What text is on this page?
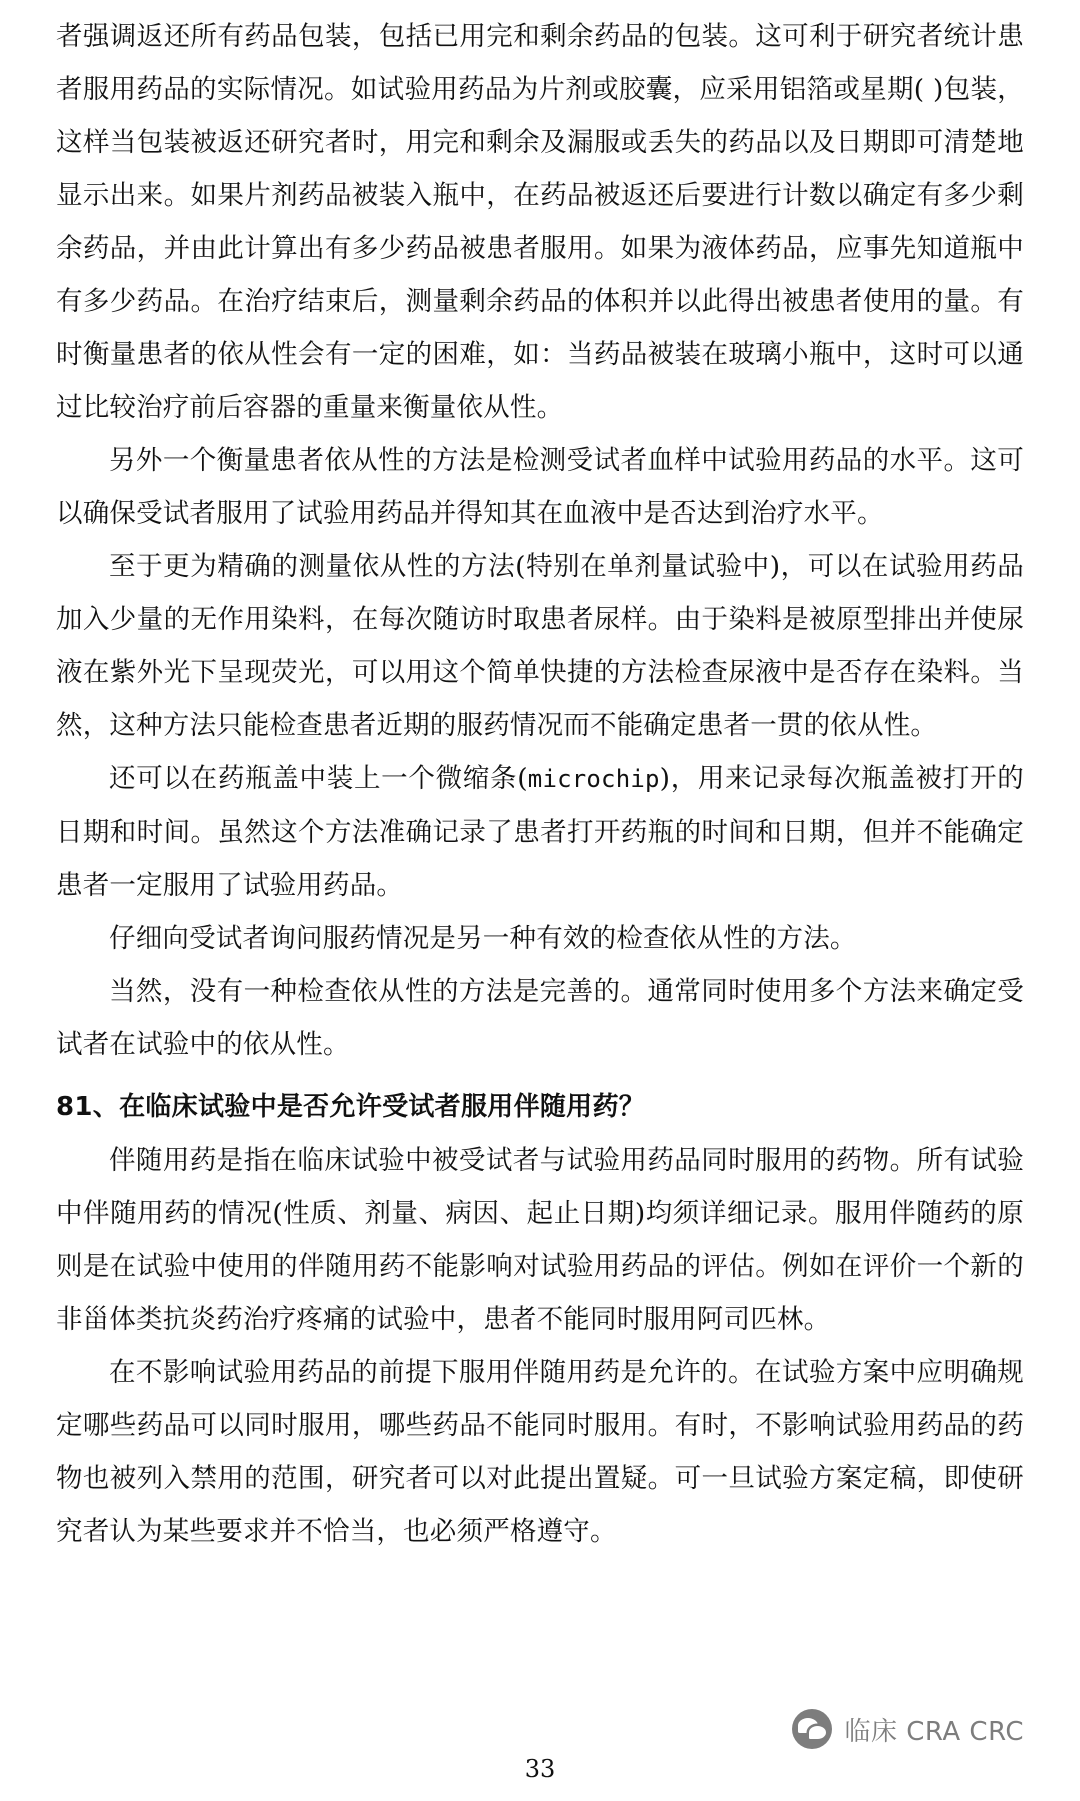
者强调返还所有药品包装，包括已用完和剩余药品的包装。这可利于研究者统计患者服用药品的实际情况。如试验用药品为片剂或胶囊，应采用铝箔或星期( )包装，这样当包装被返还研究者时，用完和剩余及漏服或丢失的药品以及日期即可清楚地显示出来。如果片剂药品被装入瓶中，在药品被返还后要进行计数以确定有多少剩余药品，并由此计算出有多少药品被患者服用。如果为液体药品，应事先知道瓶中有多少药品。在治疗结束后，测量剩余药品的体积并以此得出被患者使用的量。有时衡量患者的依从性会有一定的困难，如：当药品被装在玻璃小瓶中，这时可以通过比较治疗前后容器的重量来衡量依从性。

另外一个衡量患者依从性的方法是检测受试者血样中试验用药品的水平。这可以确保受试者服用了试验用药品并得知其在血液中是否达到治疗水平。

至于更为精确的测量依从性的方法(特别在单剂量试验中)，可以在试验用药品加入少量的无作用染料，在每次随访时取患者尿样。由于染料是被原型排出并使尿液在紫外光下呈现荧光，可以用这个简单快捷的方法检查尿液中是否存在染料。当然，这种方法只能检查患者近期的服药情况而不能确定患者一贯的依从性。

还可以在药瓶盖中装上一个微缩条(microchip)，用来记录每次瓶盖被打开的日期和时间。虽然这个方法准确记录了患者打开药瓶的时间和日期，但并不能确定患者一定服用了试验用药品。

仔细向受试者询问服药情况是另一种有效的检查依从性的方法。

当然，没有一种检查依从性的方法是完善的。通常同时使用多个方法来确定受试者在试验中的依从性。

81、在临床试验中是否允许受试者服用伴随用药？

伴随用药是指在临床试验中被受试者与试验用药品同时服用的药物。所有试验中伴随用药的情况(性质、剂量、病因、起止日期)均须详细记录。服用伴随药的原则是在试验中使用的伴随用药不能影响对试验用药品的评估。例如在评价一个新的非甾体类抗炎药治疗疼痛的试验中，患者不能同时服用阿司匹林。

在不影响试验用药品的前提下服用伴随用药是允许的。在试验方案中应明确规定哪些药品可以同时服用，哪些药品不能同时服用。有时，不影响试验用药品的药物也被列入禁用的范围，研究者可以对此提出置疑。可一旦试验方案定稿，即使研究者认为某些要求并不恰当，也必须严格遵守。

临床 CRA CRC
33
